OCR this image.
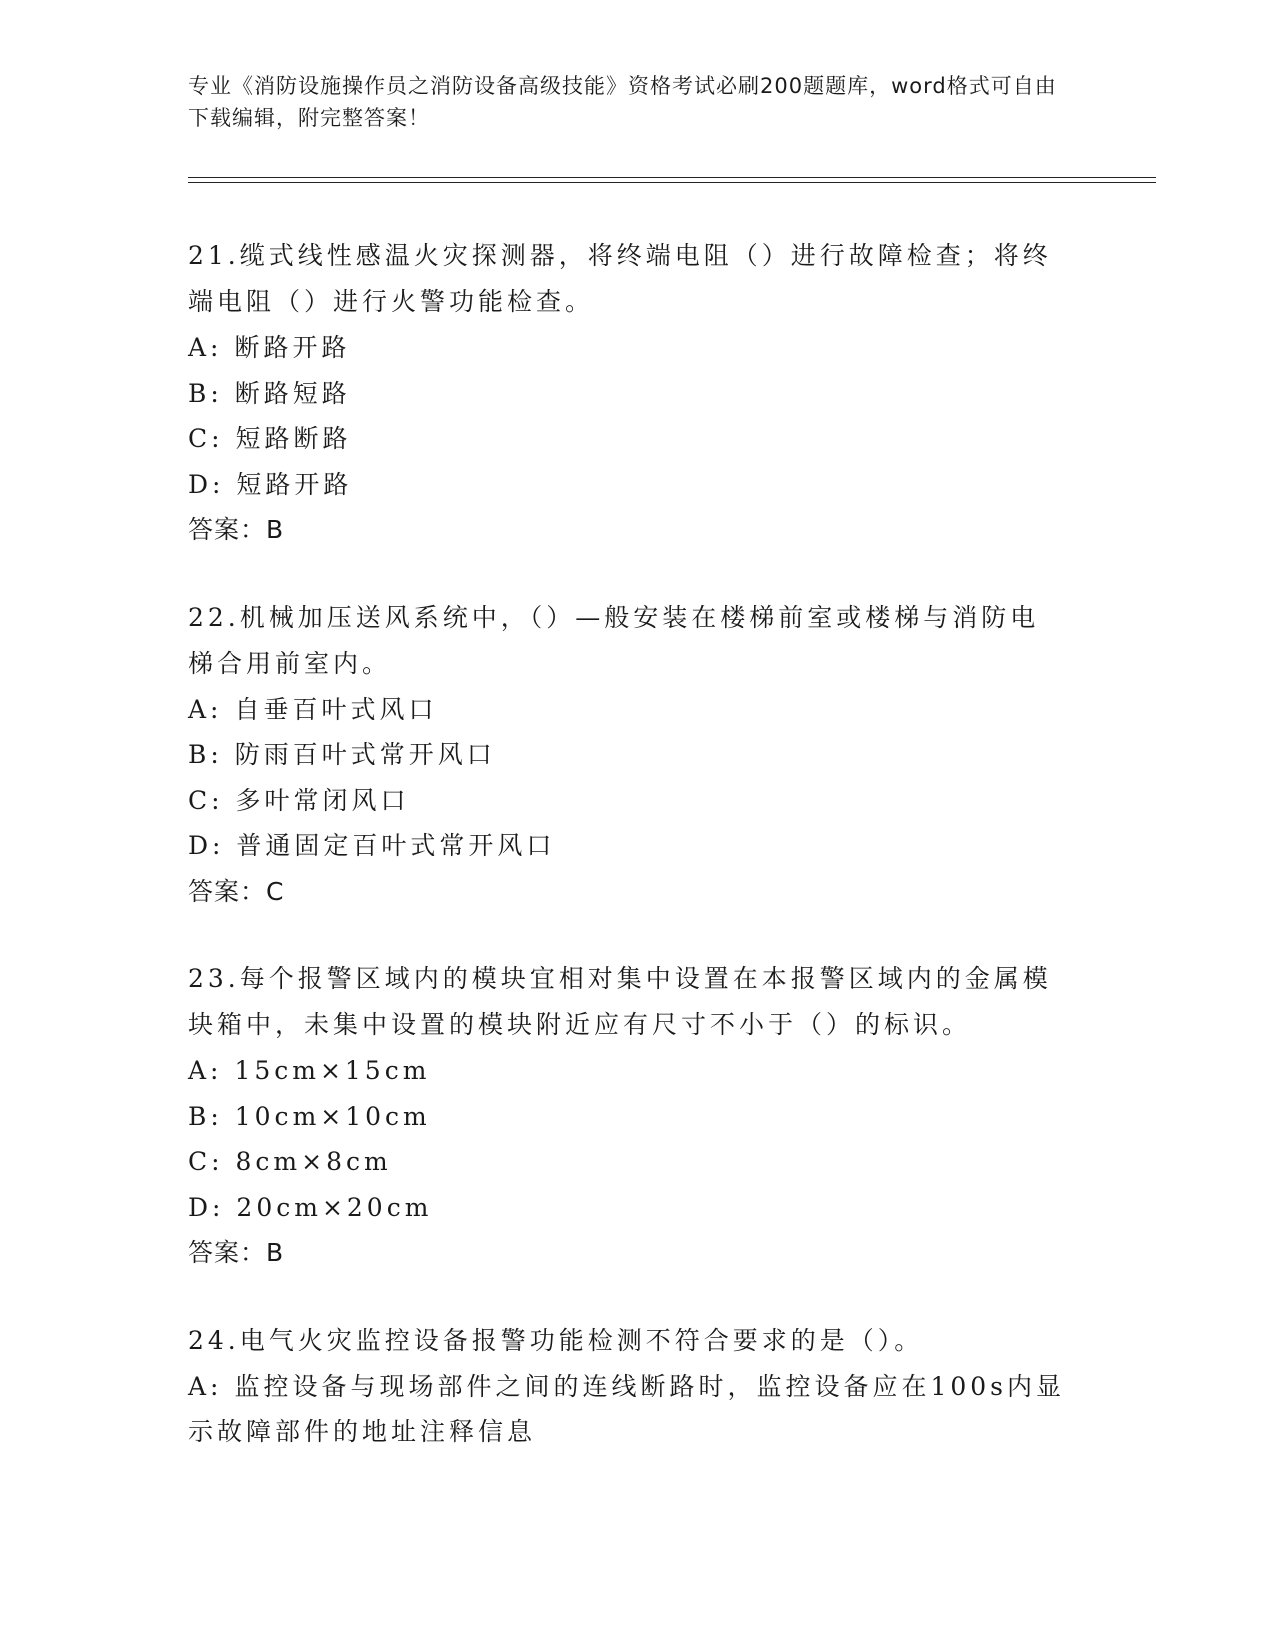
专业《消防设施操作员之消防设备高级技能》资格考试必刷200题题库，word格式可自由下载编辑，附完整答案！
21.缆式线性感温火灾探测器，将终端电阻（）进行故障检查；将终端电阻（）进行火警功能检查。
A: 断路开路
B: 断路短路
C: 短路断路
D: 短路开路
答案：B
22.机械加压送风系统中，（）—般安装在楼梯前室或楼梯与消防电梯合用前室内。
A: 自垂百叶式风口
B: 防雨百叶式常开风口
C: 多叶常闭风口
D: 普通固定百叶式常开风口
答案：C
23.每个报警区域内的模块宜相对集中设置在本报警区域内的金属模块箱中，未集中设置的模块附近应有尺寸不小于（）的标识。
A: 15cm×15cm
B: 10cm×10cm
C: 8cm×8cm
D: 20cm×20cm
答案：B
24.电气火灾监控设备报警功能检测不符合要求的是（）。
A: 监控设备与现场部件之间的连线断路时，监控设备应在100s内显示故障部件的地址注释信息
